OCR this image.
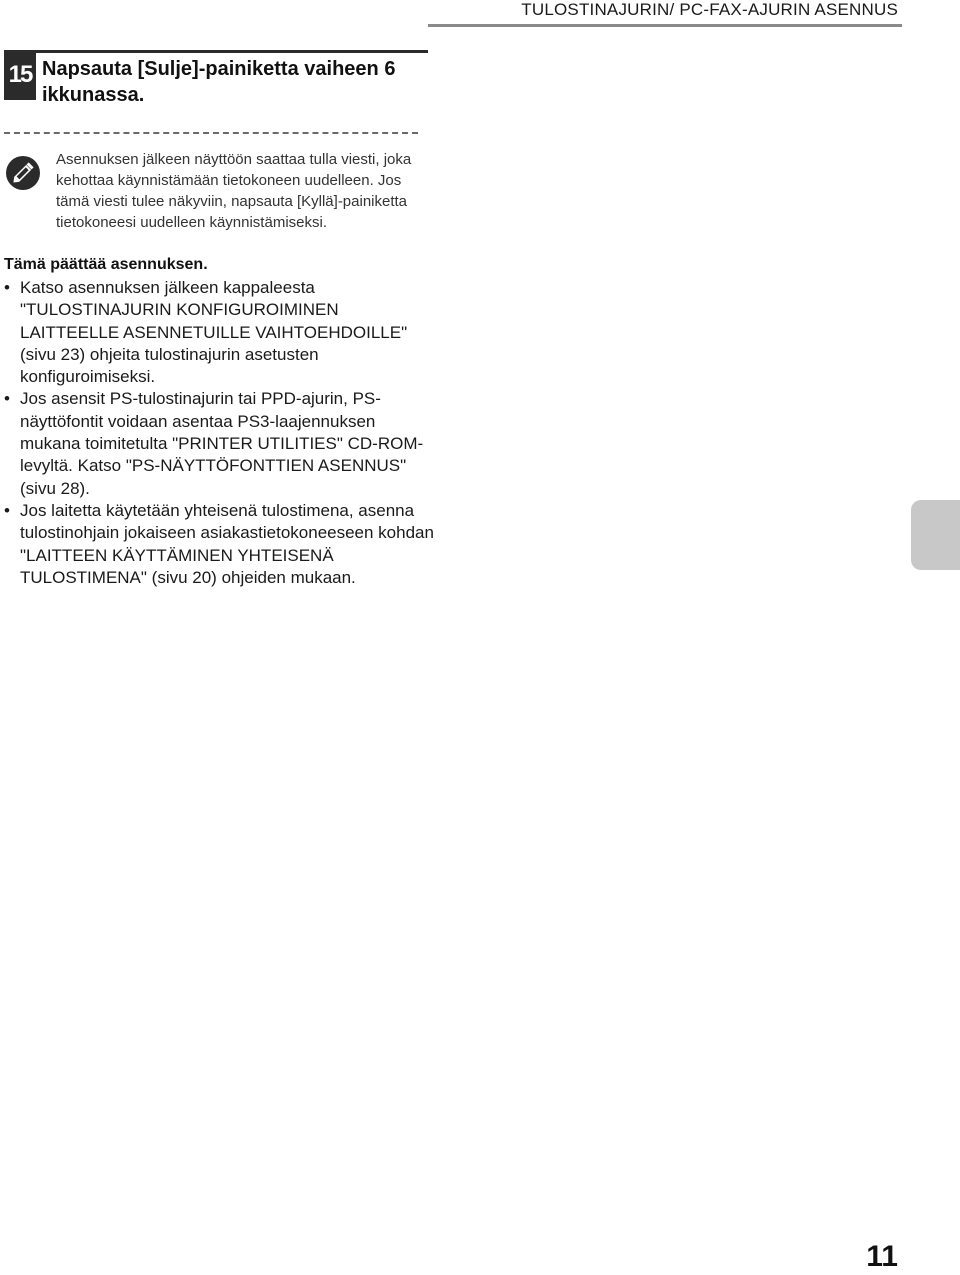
TULOSTINAJURIN/ PC-FAX-AJURIN ASENNUS
15 Napsauta [Sulje]-painiketta vaiheen 6 ikkunassa.
Asennuksen jälkeen näyttöön saattaa tulla viesti, joka kehottaa käynnistämään tietokoneen uudelleen. Jos tämä viesti tulee näkyviin, napsauta [Kyllä]-painiketta tietokoneesi uudelleen käynnistämiseksi.
Tämä päättää asennuksen.
• Katso asennuksen jälkeen kappaleesta "TULOSTINAJURIN KONFIGUROIMINEN LAITTEELLE ASENNETUILLE VAIHTOEHDOILLE" (sivu 23) ohjeita tulostinajurin asetusten konfiguroimiseksi.
• Jos asensit PS-tulostinajurin tai PPD-ajurin, PS-näyttöfontit voidaan asentaa PS3-laajennuksen mukana toimitetulta "PRINTER UTILITIES" CD-ROM-levyltä. Katso "PS-NÄYTTÖFONTTIEN ASENNUS" (sivu 28).
• Jos laitetta käytetään yhteisenä tulostimena, asenna tulostinohjain jokaiseen asiakastietokoneeseen kohdan "LAITTEEN KÄYTTÄMINEN YHTEISENÄ TULOSTIMENA" (sivu 20) ohjeiden mukaan.
11
